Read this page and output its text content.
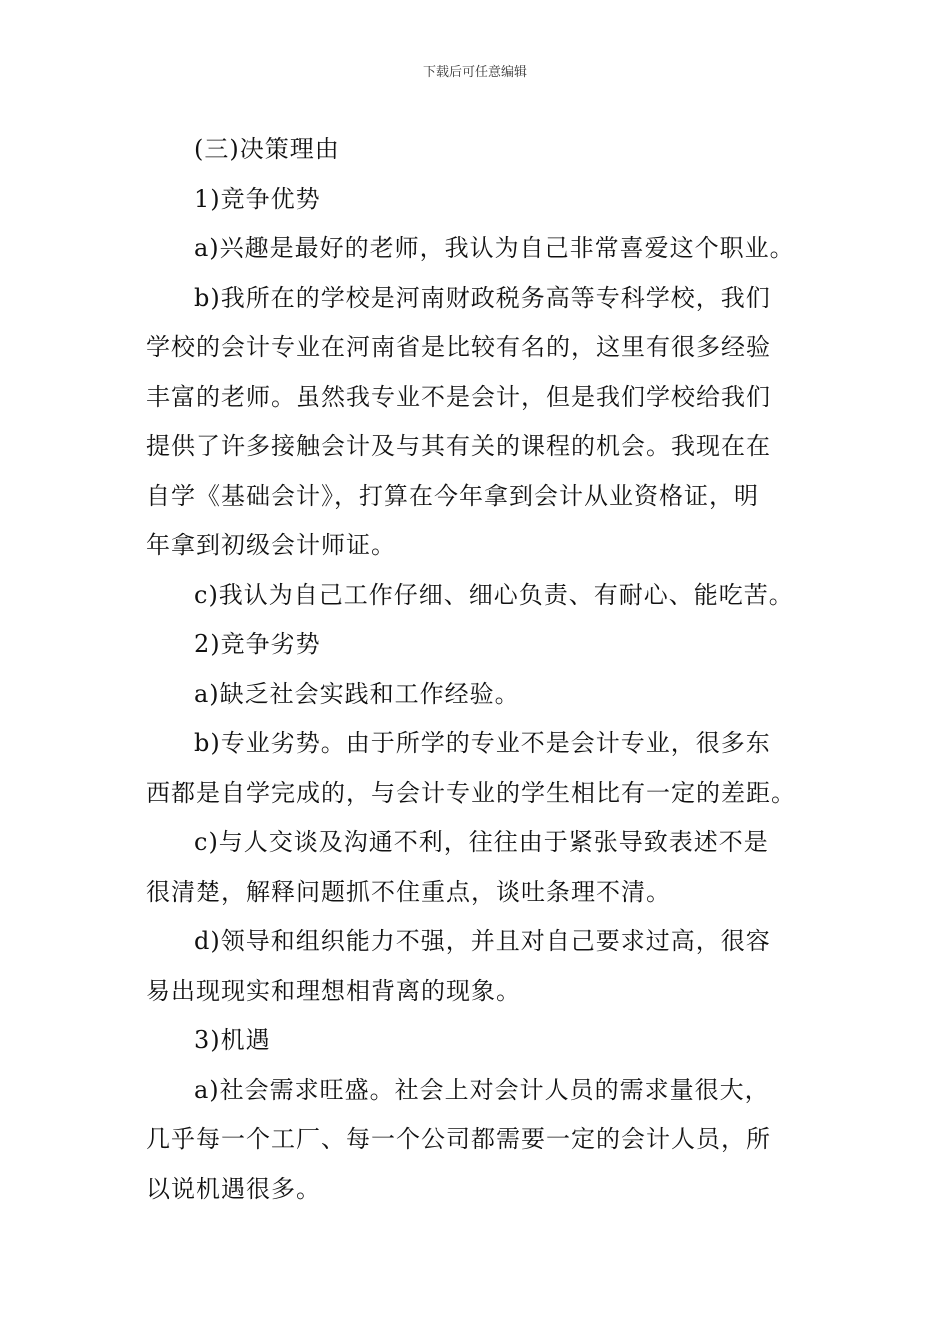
下载后可任意编辑

(三)决策理由

1)竞争优势

a)兴趣是最好的老师，我认为自己非常喜爱这个职业。

b)我所在的学校是河南财政税务高等专科学校，我们
学校的会计专业在河南省是比较有名的，这里有很多经验
丰富的老师。虽然我专业不是会计，但是我们学校给我们
提供了许多接触会计及与其有关的课程的机会。我现在在
自学《基础会计》，打算在今年拿到会计从业资格证，明
年拿到初级会计师证。

c)我认为自己工作仔细、细心负责、有耐心、能吃苦。

2)竞争劣势

a)缺乏社会实践和工作经验。

b)专业劣势。由于所学的专业不是会计专业，很多东
西都是自学完成的，与会计专业的学生相比有一定的差距。

c)与人交谈及沟通不利，往往由于紧张导致表述不是
很清楚，解释问题抓不住重点，谈吐条理不清。

d)领导和组织能力不强，并且对自己要求过高，很容
易出现现实和理想相背离的现象。

3)机遇

a)社会需求旺盛。社会上对会计人员的需求量很大，
几乎每一个工厂、每一个公司都需要一定的会计人员，所
以说机遇很多。
